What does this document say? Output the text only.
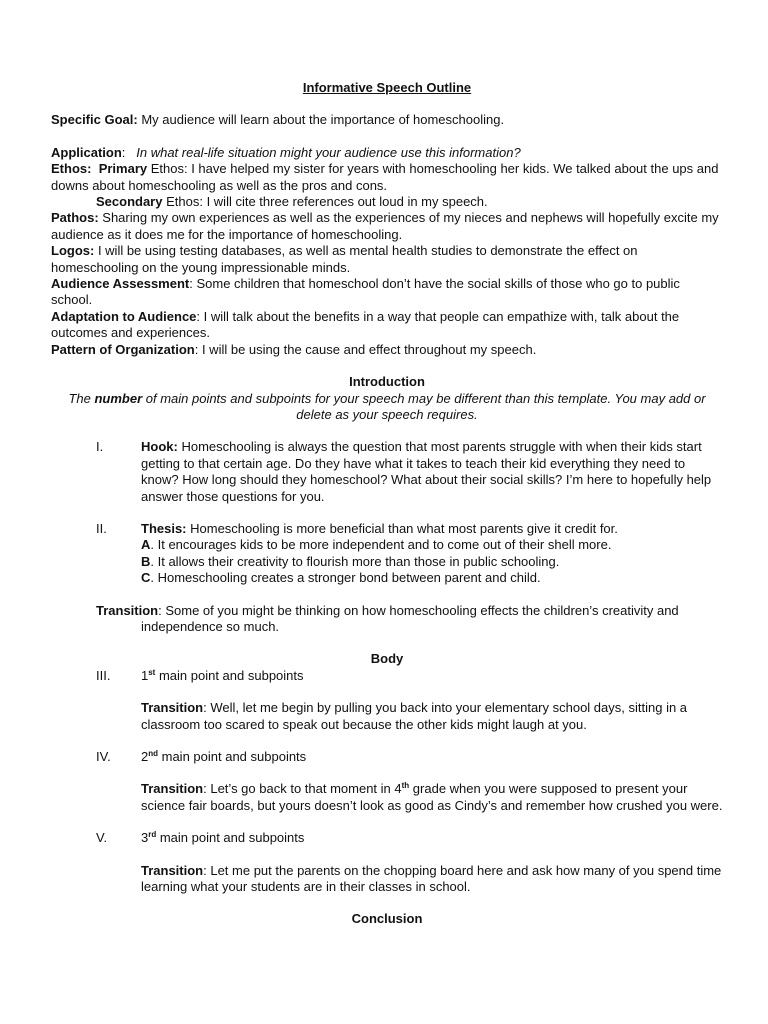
Informative Speech Outline

Specific Goal: My audience will learn about the importance of homeschooling.

Application: In what real-life situation might your audience use this information?

Ethos: Primary Ethos: I have helped my sister for years with homeschooling her kids. We talked about the ups and downs about homeschooling as well as the pros and cons.

Secondary Ethos: I will cite three references out loud in my speech.

Pathos: Sharing my own experiences as well as the experiences of my nieces and nephews will hopefully excite my audience as it does me for the importance of homeschooling.

Logos: I will be using testing databases, as well as mental health studies to demonstrate the effect on homeschooling on the young impressionable minds.

Audience Assessment: Some children that homeschool don’t have the social skills of those who go to public school.

Adaptation to Audience: I will talk about the benefits in a way that people can empathize with, talk about the outcomes and experiences.

Pattern of Organization: I will be using the cause and effect throughout my speech.

Introduction

The number of main points and subpoints for your speech may be different than this template. You may add or delete as your speech requires.

I.	Hook: Homeschooling is always the question that most parents struggle with when their kids start getting to that certain age. Do they have what it takes to teach their kid everything they need to know? How long should they homeschool? What about their social skills? I’m here to hopefully help answer those questions for you.

II.	Thesis: Homeschooling is more beneficial than what most parents give it credit for.

A. It encourages kids to be more independent and to come out of their shell more.

B. It allows their creativity to flourish more than those in public schooling.

C. Homeschooling creates a stronger bond between parent and child.

Transition: Some of you might be thinking on how homeschooling effects the children’s creativity and independence so much.

Body

III. 1st main point and subpoints

Transition: Well, let me begin by pulling you back into your elementary school days, sitting in a classroom too scared to speak out because the other kids might laugh at you.

IV. 2nd main point and subpoints

Transition: Let’s go back to that moment in 4th grade when you were supposed to present your science fair boards, but yours doesn’t look as good as Cindy’s and remember how crushed you were.

V.	3rd main point and subpoints

Transition: Let me put the parents on the chopping board here and ask how many of you spend time learning what your students are in their classes in school.

Conclusion
